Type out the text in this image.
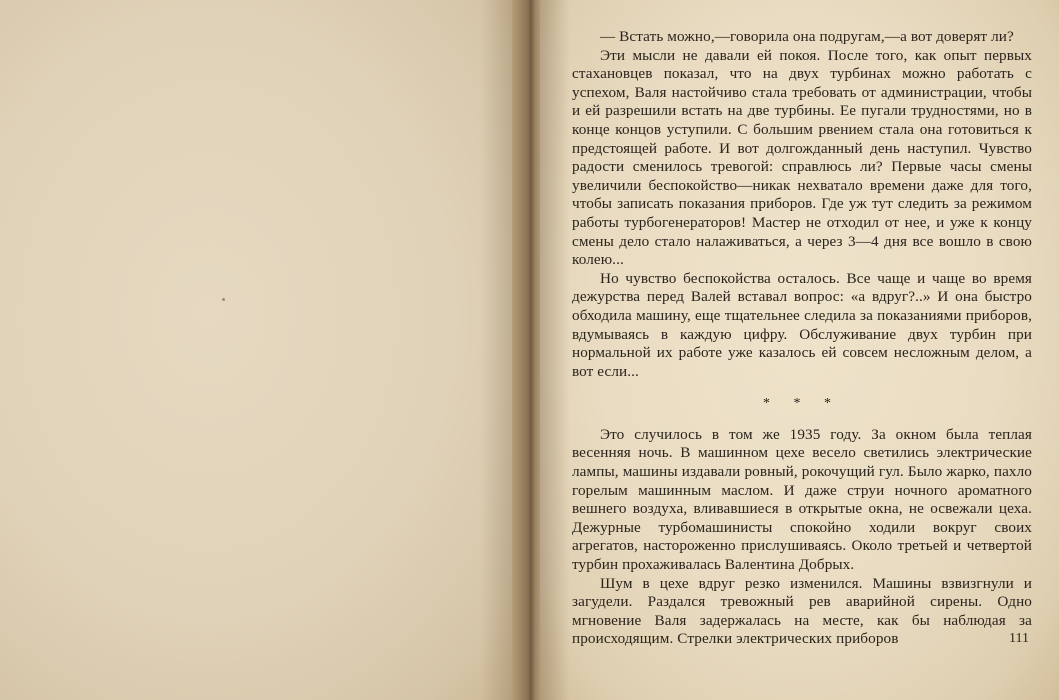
— Встать можно,—говорила она подругам,—а вот доверят ли?

Эти мысли не давали ей покоя. После того, как опыт первых стахановцев показал, что на двух турбинах можно работать с успехом, Валя настойчиво стала требовать от администрации, чтобы и ей разрешили встать на две турбины. Ее пугали трудностями, но в конце концов уступили. С большим рвением стала она готовиться к предстоящей работе. И вот долгожданный день наступил. Чувство радости сменилось тревогой: справлюсь ли? Первые часы смены увеличили беспокойство—никак нехватало времени даже для того, чтобы записать показания приборов. Где уж тут следить за режимом работы турбогенераторов! Мастер не отходил от нее, и уже к концу смены дело стало налаживаться, а через 3—4 дня все вошло в свою колею...

Но чувство беспокойства осталось. Все чаще и чаще во время дежурства перед Валей вставал вопрос: «а вдруг?..» И она быстро обходила машину, еще тщательнее следила за показаниями приборов, вдумываясь в каждую цифру. Обслуживание двух турбин при нормальной их работе уже казалось ей совсем несложным делом, а вот если...

* * *

Это случилось в том же 1935 году. За окном была теплая весенняя ночь. В машинном цехе весело светились электрические лампы, машины издавали ровный, рокочущий гул. Было жарко, пахло горелым машинным маслом. И даже струи ночного ароматного вешнего воздуха, вливавшиеся в открытые окна, не освежали цеха. Дежурные турбомашинисты спокойно ходили вокруг своих агрегатов, настороженно прислушиваясь. Около третьей и четвертой турбин прохаживалась Валентина Добрых.

Шум в цехе вдруг резко изменился. Машины взвизгнули и загудели. Раздался тревожный рев аварийной сирены. Одно мгновение Валя задержалась на месте, как бы наблюдая за происходящим. Стрелки электрических приборов	111
